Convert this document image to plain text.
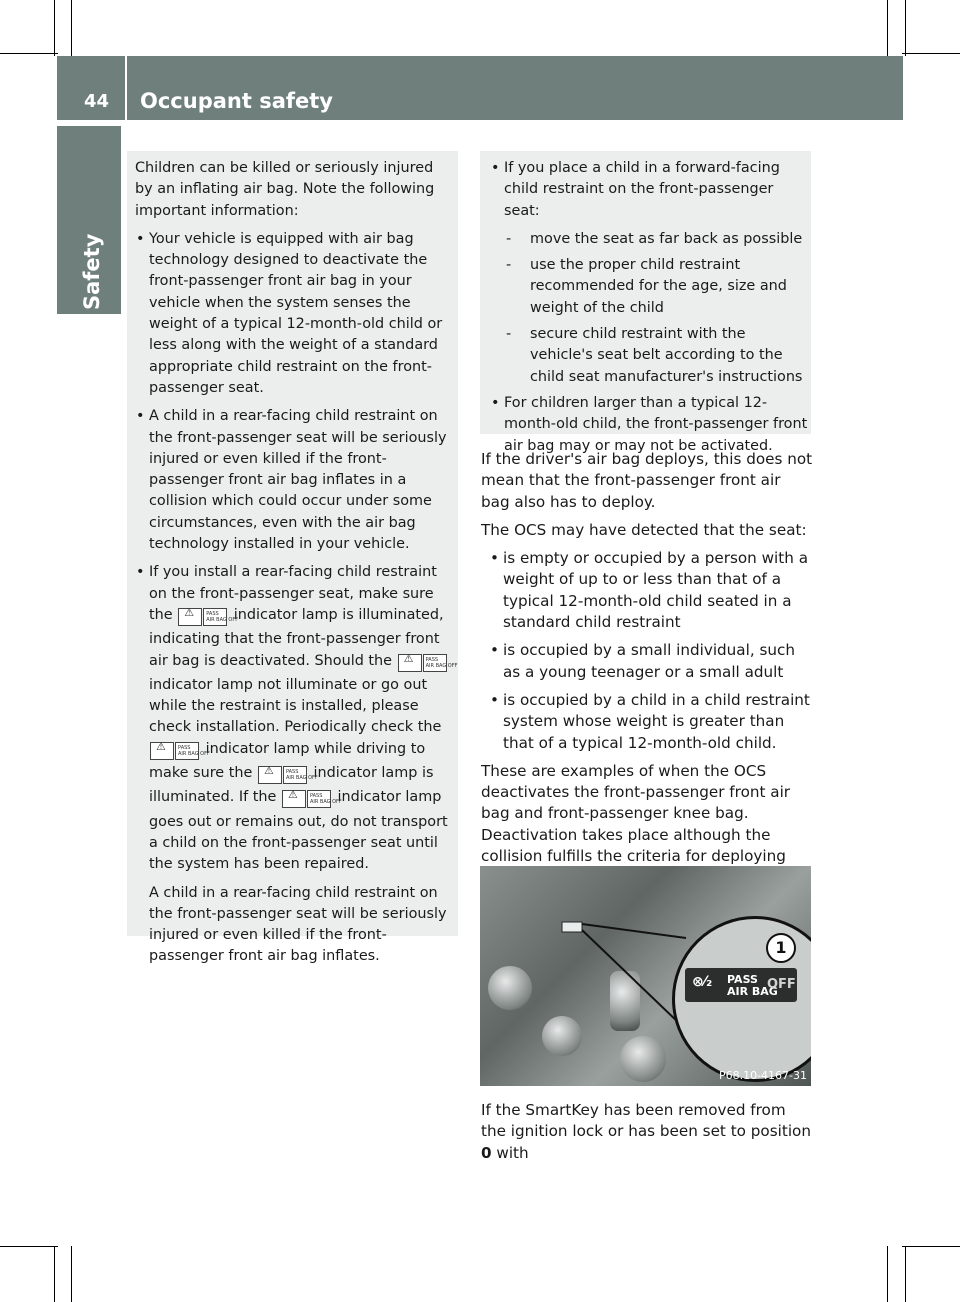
44 Occupant safety
Safety

Children can be killed or seriously injured by an inflating air bag. Note the following important information:

• Your vehicle is equipped with air bag technology designed to deactivate the front-passenger front air bag in your vehicle when the system senses the weight of a typical 12-month-old child or less along with the weight of a standard appropriate child restraint on the front-passenger seat.

• A child in a rear-facing child restraint on the front-passenger seat will be seriously injured or even killed if the front-passenger front air bag inflates in a collision which could occur under some circumstances, even with the air bag technology installed in your vehicle.

• If you install a rear-facing child restraint on the front-passenger seat, make sure the ⚠ PASS
AIR BAG OFF
indicator lamp is illuminated, indicating that the front-passenger front air bag is deactivated. Should the ⚠ PASS
AIR BAG OFF
indicator lamp not illuminate or go out while the restraint is installed, please check installation. Periodically check the
⚠ PASS
AIR BAG OFF
indicator lamp while driving to make sure the ⚠ PASS
AIR BAG OFF
indicator lamp is illuminated. If the ⚠ PASS
AIR BAG OFF
indicator lamp goes out or remains out, do not transport a child on the front-passenger seat until the system has been repaired.

A child in a rear-facing child restraint on the front-passenger seat will be seriously injured or even killed if the front-passenger front air bag inflates.

• If you place a child in a forward-facing child restraint on the front-passenger seat:

- move the seat as far back as possible

- use the proper child restraint recommended for the age, size and weight of the child

- secure child restraint with the vehicle's seat belt according to the child seat manufacturer's instructions

• For children larger than a typical 12-month-old child, the front-passenger front air bag may or may not be activated.

If the driver's air bag deploys, this does not mean that the front-passenger front air bag also has to deploy.

The OCS may have detected that the seat:

• is empty or occupied by a person with a weight of up to or less than that of a typical 12-month-old child seated in a standard child restraint

• is occupied by a small individual, such as a young teenager or a small adult

• is occupied by a child in a child restraint system whose weight is greater than that of a typical 12-month-old child.

These are examples of when the OCS deactivates the front-passenger front air bag and front-passenger knee bag. Deactivation takes place although the collision fulfills the criteria for deploying

⊗⁄₂ PASS
AIR BAG
OFF
1
P68.10-4167-31
If the SmartKey has been removed from the ignition lock or has been set to position 0 with
